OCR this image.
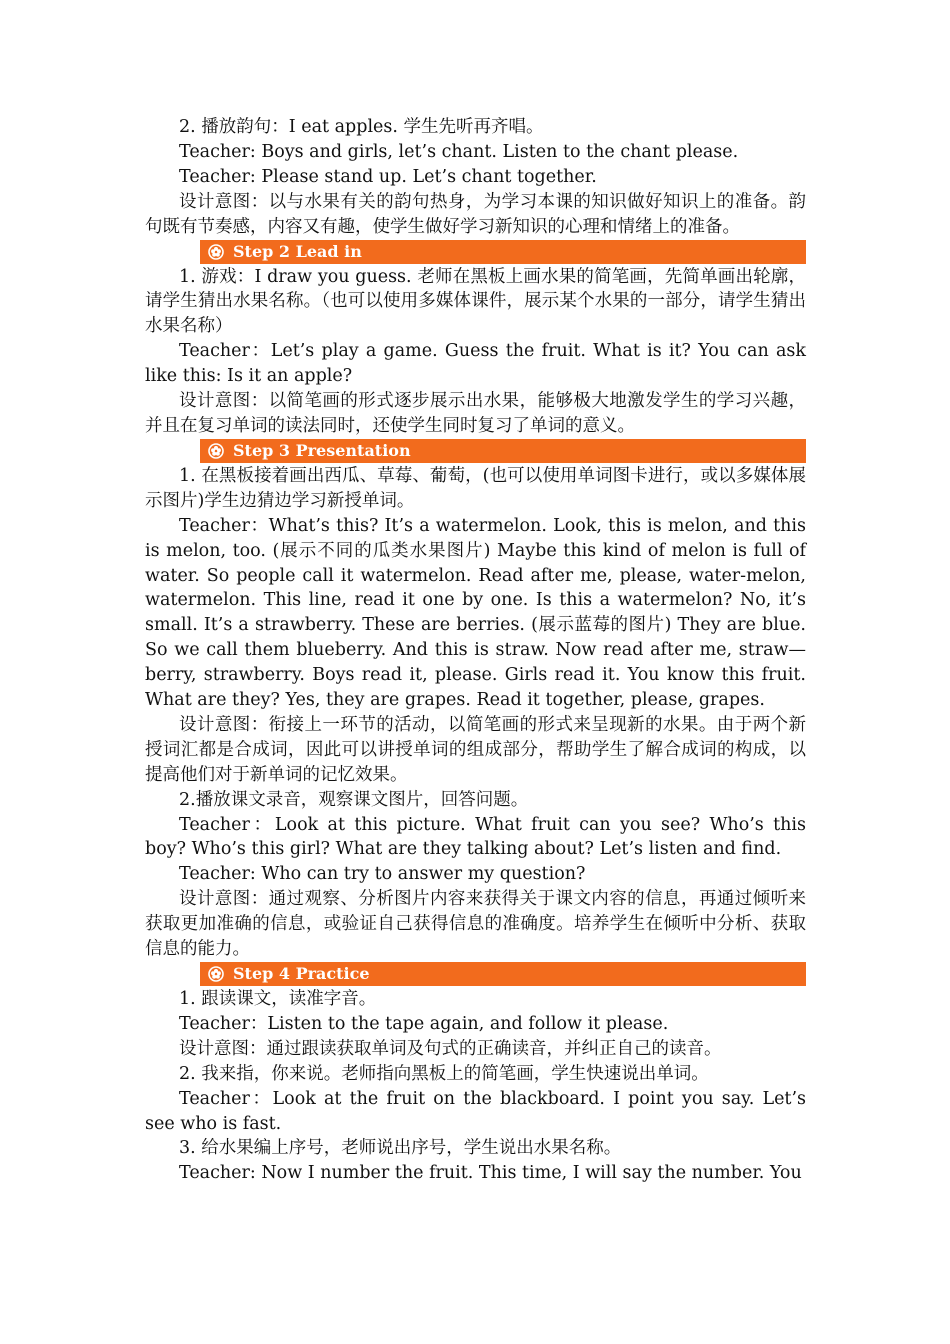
2. 播放韵句：I eat apples. 学生先听再齐唱。

Teacher: Boys and girls, let’s chant. Listen to the chant please.

Teacher: Please stand up. Let’s chant together.

设计意图：以与水果有关的韵句热身，为学习本课的知识做好知识上的准备。韵句既有节奏感，内容又有趣，使学生做好学习新知识的心理和情绪上的准备。

Step 2 Lead in

1. 游戏：I draw you guess. 老师在黑板上画水果的简笔画，先简单画出轮廓，请学生猜出水果名称。（也可以使用多媒体课件，展示某个水果的一部分，请学生猜出水果名称）

Teacher：Let’s play a game. Guess the fruit. What is it? You can ask like this: Is it an apple?

设计意图：以简笔画的形式逐步展示出水果，能够极大地激发学生的学习兴趣，并且在复习单词的读法同时，还使学生同时复习了单词的意义。

Step 3 Presentation

1. 在黑板接着画出西瓜、草莓、葡萄，(也可以使用单词图卡进行，或以多媒体展示图片)学生边猜边学习新授单词。

Teacher：What’s this? It’s a watermelon. Look, this is melon, and this is melon, too. (展示不同的瓜类水果图片) Maybe this kind of melon is full of water. So people call it watermelon. Read after me, please, water-melon, watermelon. This line, read it one by one. Is this a watermelon? No, it’s small. It’s a strawberry. These are berries. (展示蓝莓的图片) They are blue. So we call them blueberry. And this is straw. Now read after me, straw—berry, strawberry. Boys read it, please. Girls read it. You know this fruit. What are they? Yes, they are grapes. Read it together, please, grapes.

设计意图：衔接上一环节的活动，以简笔画的形式来呈现新的水果。由于两个新授词汇都是合成词，因此可以讲授单词的组成部分，帮助学生了解合成词的构成，以提高他们对于新单词的记忆效果。

2.播放课文录音，观察课文图片，回答问题。

Teacher：Look at this picture. What fruit can you see? Who’s this boy? Who’s this girl? What are they talking about? Let’s listen and find.

Teacher: Who can try to answer my question?

设计意图：通过观察、分析图片内容来获得关于课文内容的信息，再通过倾听来获取更加准确的信息，或验证自己获得信息的准确度。培养学生在倾听中分析、获取信息的能力。

Step 4 Practice

1. 跟读课文，读准字音。

Teacher：Listen to the tape again, and follow it please.

设计意图：通过跟读获取单词及句式的正确读音，并纠正自己的读音。

2. 我来指，你来说。老师指向黑板上的简笔画，学生快速说出单词。

Teacher：Look at the fruit on the blackboard. I point you say. Let’s see who is fast.

3. 给水果编上序号，老师说出序号，学生说出水果名称。

Teacher: Now I number the fruit. This time, I will say the number. You
